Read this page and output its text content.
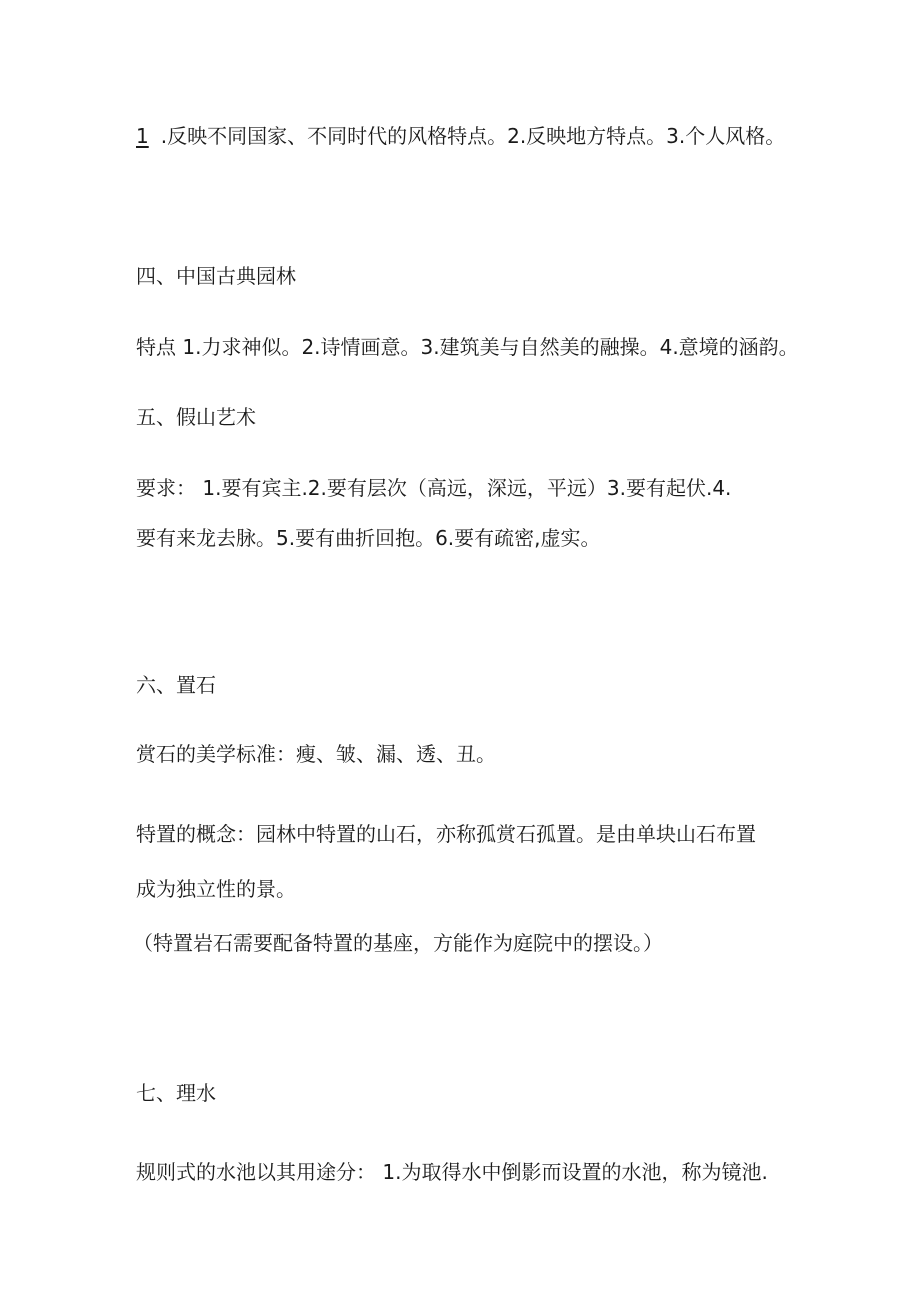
1 .反映不同国家、不同时代的风格特点。2.反映地方特点。3.个人风格。
四、中国古典园林
特点 1.力求神似。2.诗情画意。3.建筑美与自然美的融操。4.意境的涵韵。
五、假山艺术
要求： 1.要有宾主.2.要有层次（高远，深远，平远）3.要有起伏.4.
要有来龙去脉。5.要有曲折回抱。6.要有疏密,虚实。
六、置石
赏石的美学标准：瘦、皱、漏、透、丑。
特置的概念：园林中特置的山石，亦称孤赏石孤置。是由单块山石布置
成为独立性的景。
（特置岩石需要配备特置的基座，方能作为庭院中的摆设。）
七、理水
规则式的水池以其用途分： 1.为取得水中倒影而设置的水池，称为镜池.
